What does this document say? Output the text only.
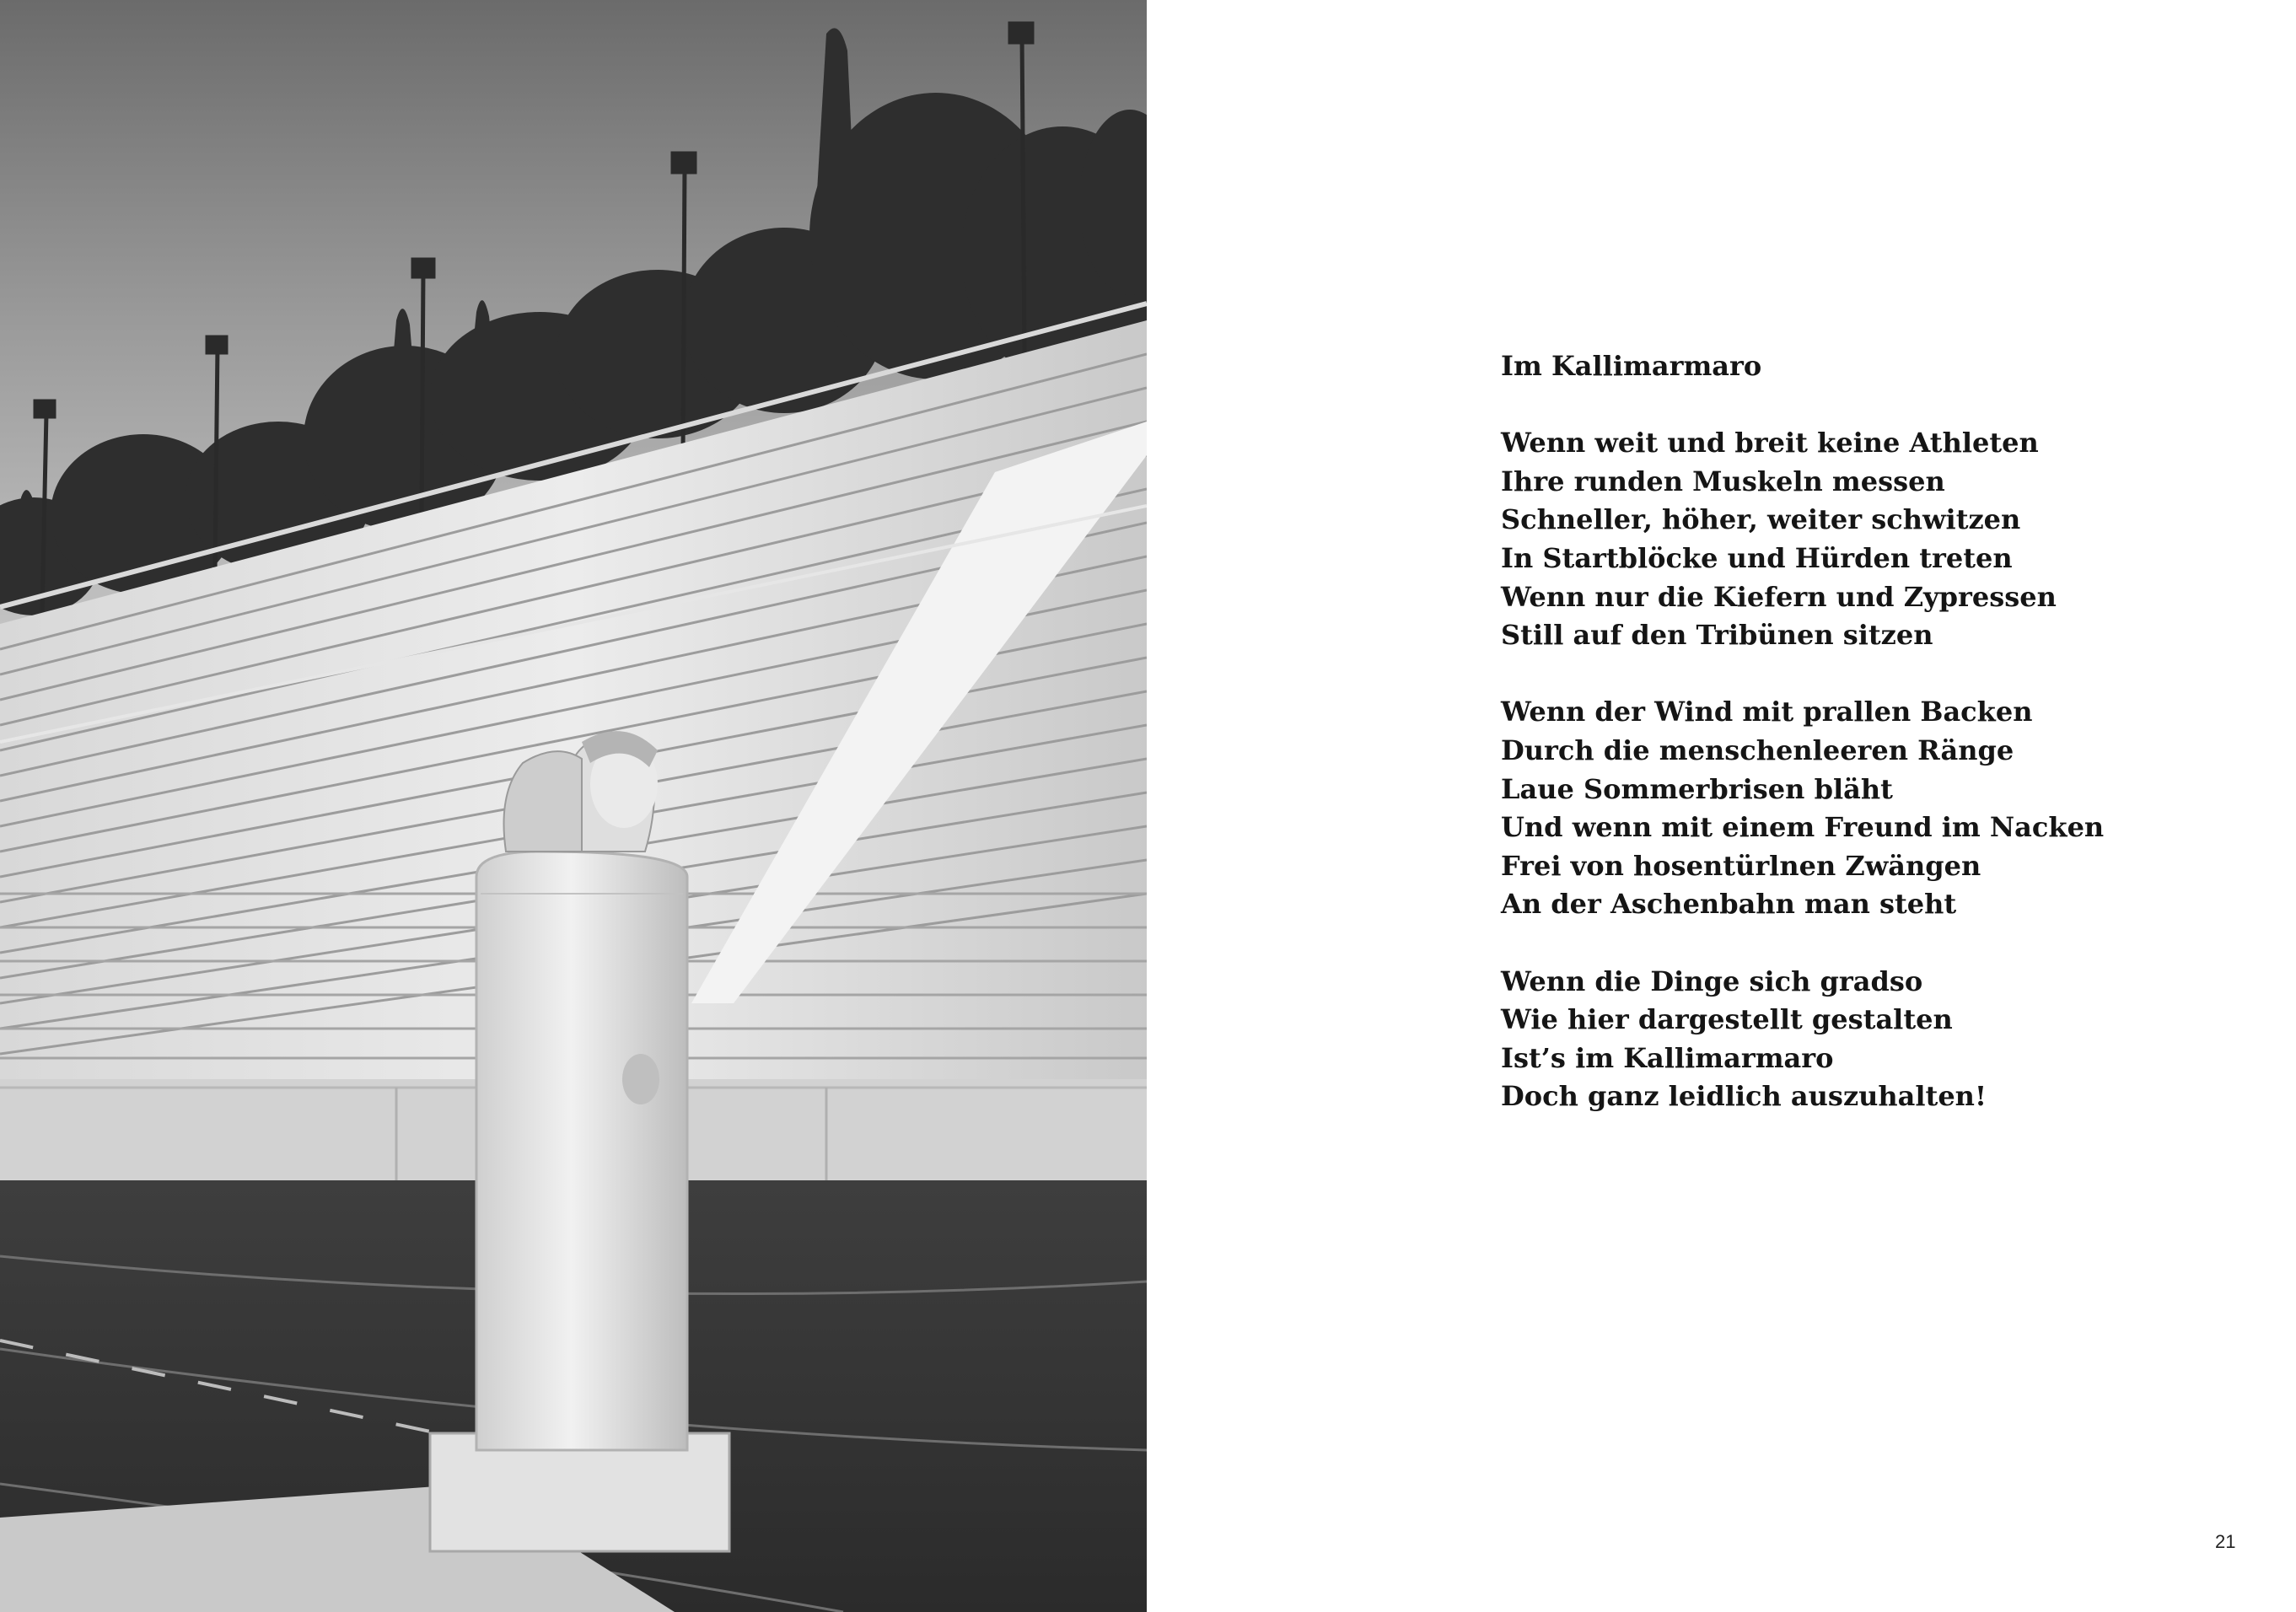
Im Kallimarmaro
Wenn weit und breit keine Athleten
Ihre runden Muskeln messen
Schneller, höher, weiter schwitzen
In Startblöcke und Hürden treten
Wenn nur die Kiefern und Zypressen
Still auf den Tribünen sitzen
Wenn der Wind mit prallen Backen
Durch die menschenleeren Ränge
Laue Sommerbrisen bläht
Und wenn mit einem Freund im Nacken
Frei von hosentürlnen Zwängen
An der Aschenbahn man steht
Wenn die Dinge sich gradso
Wie hier dargestellt gestalten
Ist’s im Kallimarmaro
Doch ganz leidlich auszuhalten!
21
